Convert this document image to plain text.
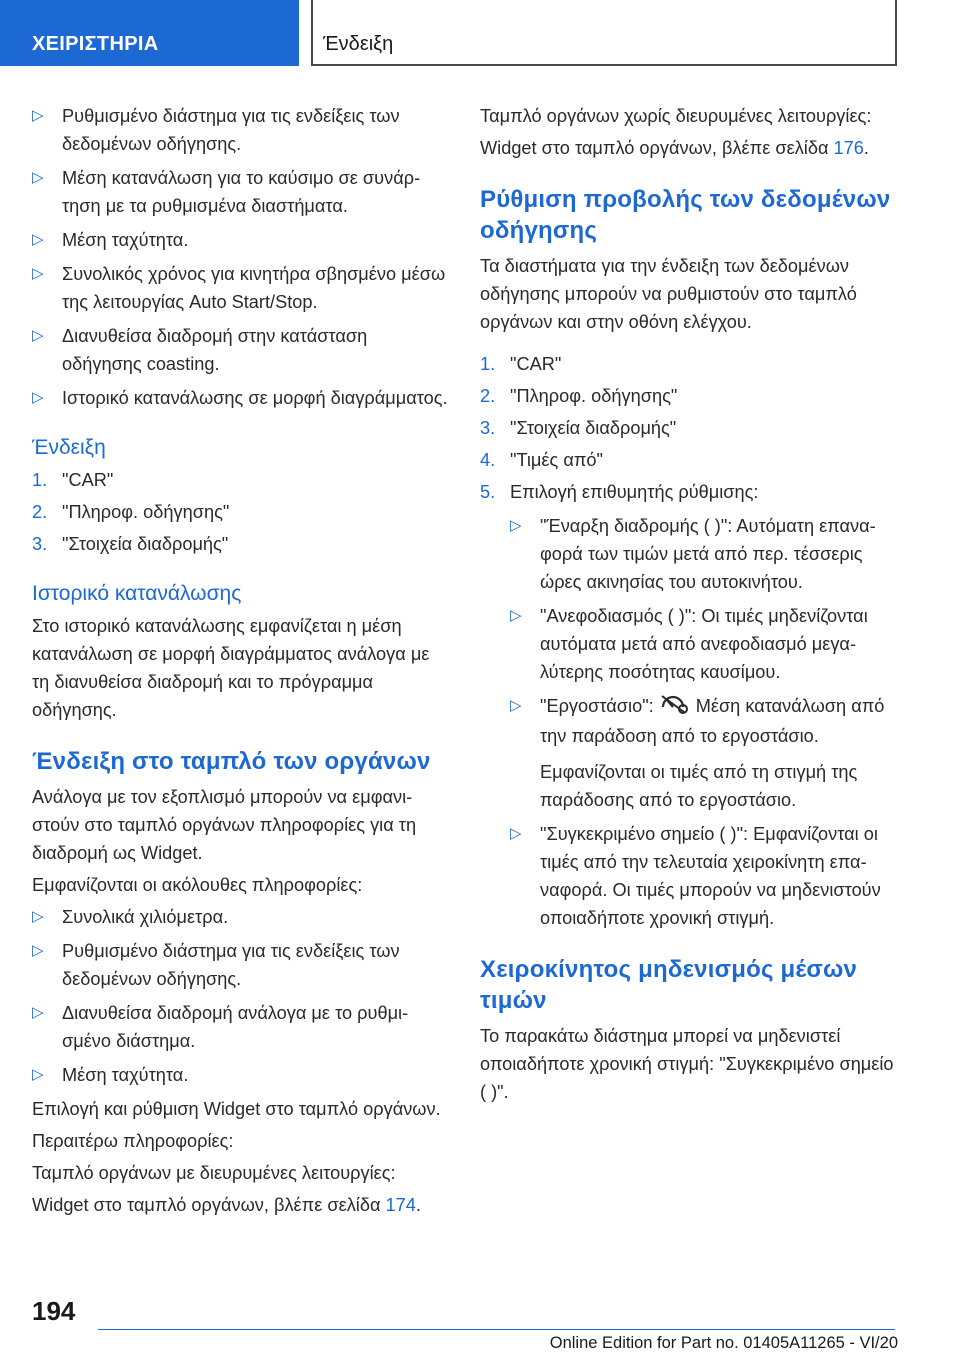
ΧΕΙΡΙΣΤΗΡΙΑ	Ένδειξη
▷ Ρυθμισμένο διάστημα για τις ενδείξεις των δεδομένων οδήγησης.
▷ Μέση κατανάλωση για το καύσιμο σε συνάρτηση με τα ρυθμισμένα διαστήματα.
▷ Μέση ταχύτητα.
▷ Συνολικός χρόνος για κινητήρα σβησμένο μέσω της λειτουργίας Auto Start/Stop.
▷ Διανυθείσα διαδρομή στην κατάσταση οδήγησης coasting.
▷ Ιστορικό κατανάλωσης σε μορφή διαγράμματος.
Ένδειξη
1. "CAR"
2. "Πληροφ. οδήγησης"
3. "Στοιχεία διαδρομής"
Ιστορικό κατανάλωσης

Στο ιστορικό κατανάλωσης εμφανίζεται η μέση κατανάλωση σε μορφή διαγράμματος ανάλογα με τη διανυθείσα διαδρομή και το πρόγραμμα οδήγησης.

Ένδειξη στο ταμπλό των οργάνων

Ανάλογα με τον εξοπλισμό μπορούν να εμφανιστούν στο ταμπλό οργάνων πληροφορίες για τη διαδρομή ως Widget.

Εμφανίζονται οι ακόλουθες πληροφορίες:

▷ Συνολικά χιλιόμετρα.
▷ Ρυθμισμένο διάστημα για τις ενδείξεις των δεδομένων οδήγησης.
▷ Διανυθείσα διαδρομή ανάλογα με το ρυθμισμένο διάστημα.
▷ Μέση ταχύτητα.

Επιλογή και ρύθμιση Widget στο ταμπλό οργάνων.

Περαιτέρω πληροφορίες:

Ταμπλό οργάνων με διευρυμένες λειτουργίες:

Widget στο ταμπλό οργάνων, βλέπε σελίδα 174.

Ταμπλό οργάνων χωρίς διευρυμένες λειτουργίες:

Widget στο ταμπλό οργάνων, βλέπε σελίδα 176.

Ρύθμιση προβολής των δεδομένων οδήγησης

Τα διαστήματα για την ένδειξη των δεδομένων οδήγησης μπορούν να ρυθμιστούν στο ταμπλό οργάνων και στην οθόνη ελέγχου.

1. "CAR"
2. "Πληροφ. οδήγησης"
3. "Στοιχεία διαδρομής"
4. "Τιμές από"
5. Επιλογή επιθυμητής ρύθμισης:
▷ "Έναρξη διαδρομής ( )": Αυτόματη επαναφορά των τιμών μετά από περ. τέσσερις ώρες ακινησίας του αυτοκινήτου.
▷ "Ανεφοδιασμός ( )": Οι τιμές μηδενίζονται αυτόματα μετά από ανεφοδιασμό μεγαλύτερης ποσότητας καυσίμου.
▷ "Εργοστάσιο": Μέση κατανάλωση από την παράδοση από το εργοστάσιο.
Εμφανίζονται οι τιμές από τη στιγμή της παράδοσης από το εργοστάσιο.
▷ "Συγκεκριμένο σημείο ( )": Εμφανίζονται οι τιμές από την τελευταία χειροκίνητη επαναφορά. Οι τιμές μπορούν να μηδενιστούν οποιαδήποτε χρονική στιγμή.
Χειροκίνητος μηδενισμός μέσων τιμών

Το παρακάτω διάστημα μπορεί να μηδενιστεί οποιαδήποτε χρονική στιγμή: "Συγκεκριμένο σημείο ( )".

194
Online Edition for Part no. 01405A11265 - VI/20
